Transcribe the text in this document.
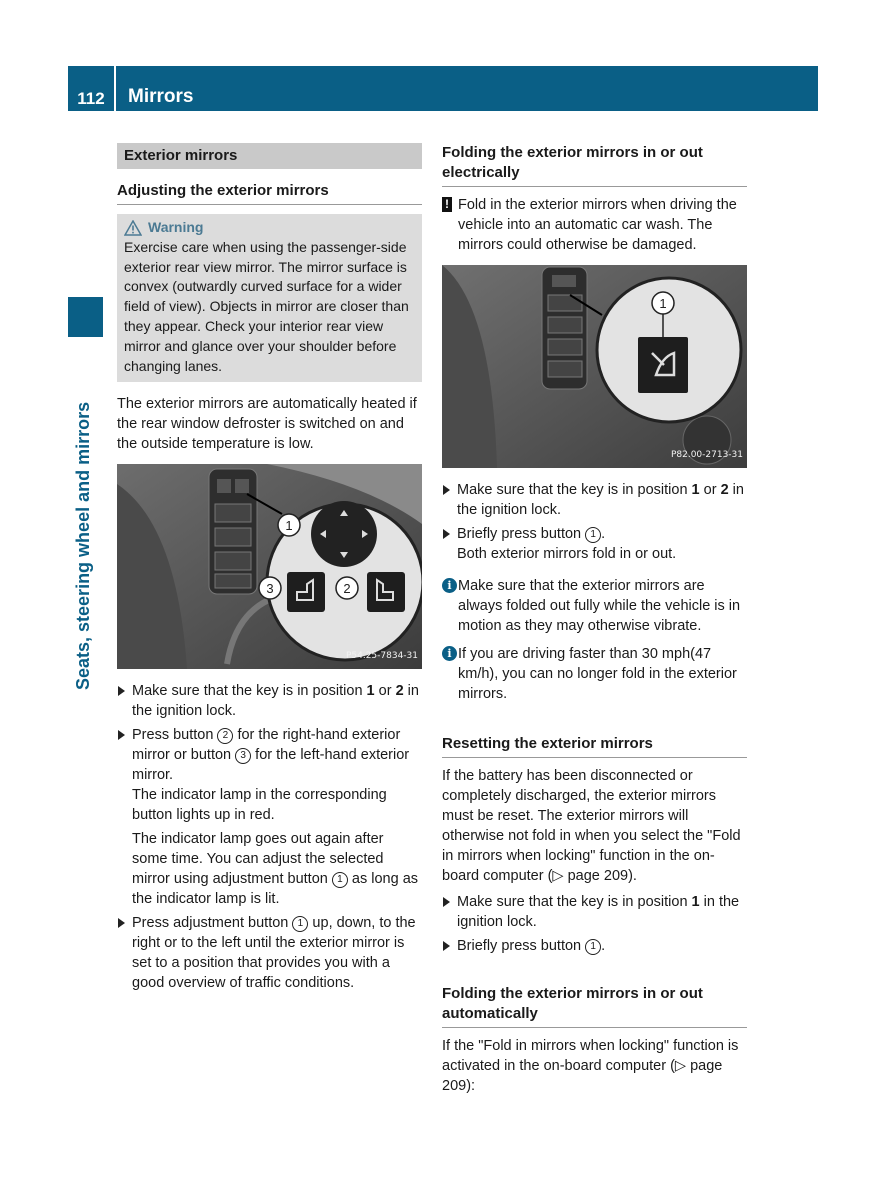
112	Mirrors
Seats, steering wheel and mirrors
Exterior mirrors
Adjusting the exterior mirrors
Warning

Exercise care when using the passenger-side exterior rear view mirror. The mirror surface is convex (outwardly curved surface for a wider field of view). Objects in mirror are closer than they appear. Check your interior rear view mirror and glance over your shoulder before changing lanes.

The exterior mirrors are automatically heated if the rear window defroster is switched on and the outside temperature is low.

1
2
3
P54.25-7834-31
Make sure that the key is in position 1 or 2 in the ignition lock.
Press button 2 for the right-hand exterior mirror or button 3 for the left-hand exterior mirror.

The indicator lamp in the corresponding button lights up in red.

The indicator lamp goes out again after some time. You can adjust the selected mirror using adjustment button 1 as long as the indicator lamp is lit.

Press adjustment button 1 up, down, to the right or to the left until the exterior mirror is set to a position that provides you with a good overview of traffic conditions.
Folding the exterior mirrors in or out electrically
! Fold in the exterior mirrors when driving the vehicle into an automatic car wash. The mirrors could otherwise be damaged.
1
P82.00-2713-31
Make sure that the key is in position 1 or 2 in the ignition lock.
Briefly press button 1 .

Both exterior mirrors fold in or out.

i Make sure that the exterior mirrors are always folded out fully while the vehicle is in motion as they may otherwise vibrate.
i If you are driving faster than 30 mph(47 km/h), you can no longer fold in the exterior mirrors.
Resetting the exterior mirrors

If the battery has been disconnected or completely discharged, the exterior mirrors must be reset. The exterior mirrors will otherwise not fold in when you select the "Fold in mirrors when locking" function in the on-board computer (▷ page 209).

Make sure that the key is in position 1 in the ignition lock.
Briefly press button 1 .
Folding the exterior mirrors in or out automatically

If the "Fold in mirrors when locking" function is activated in the on-board computer (▷ page 209):
